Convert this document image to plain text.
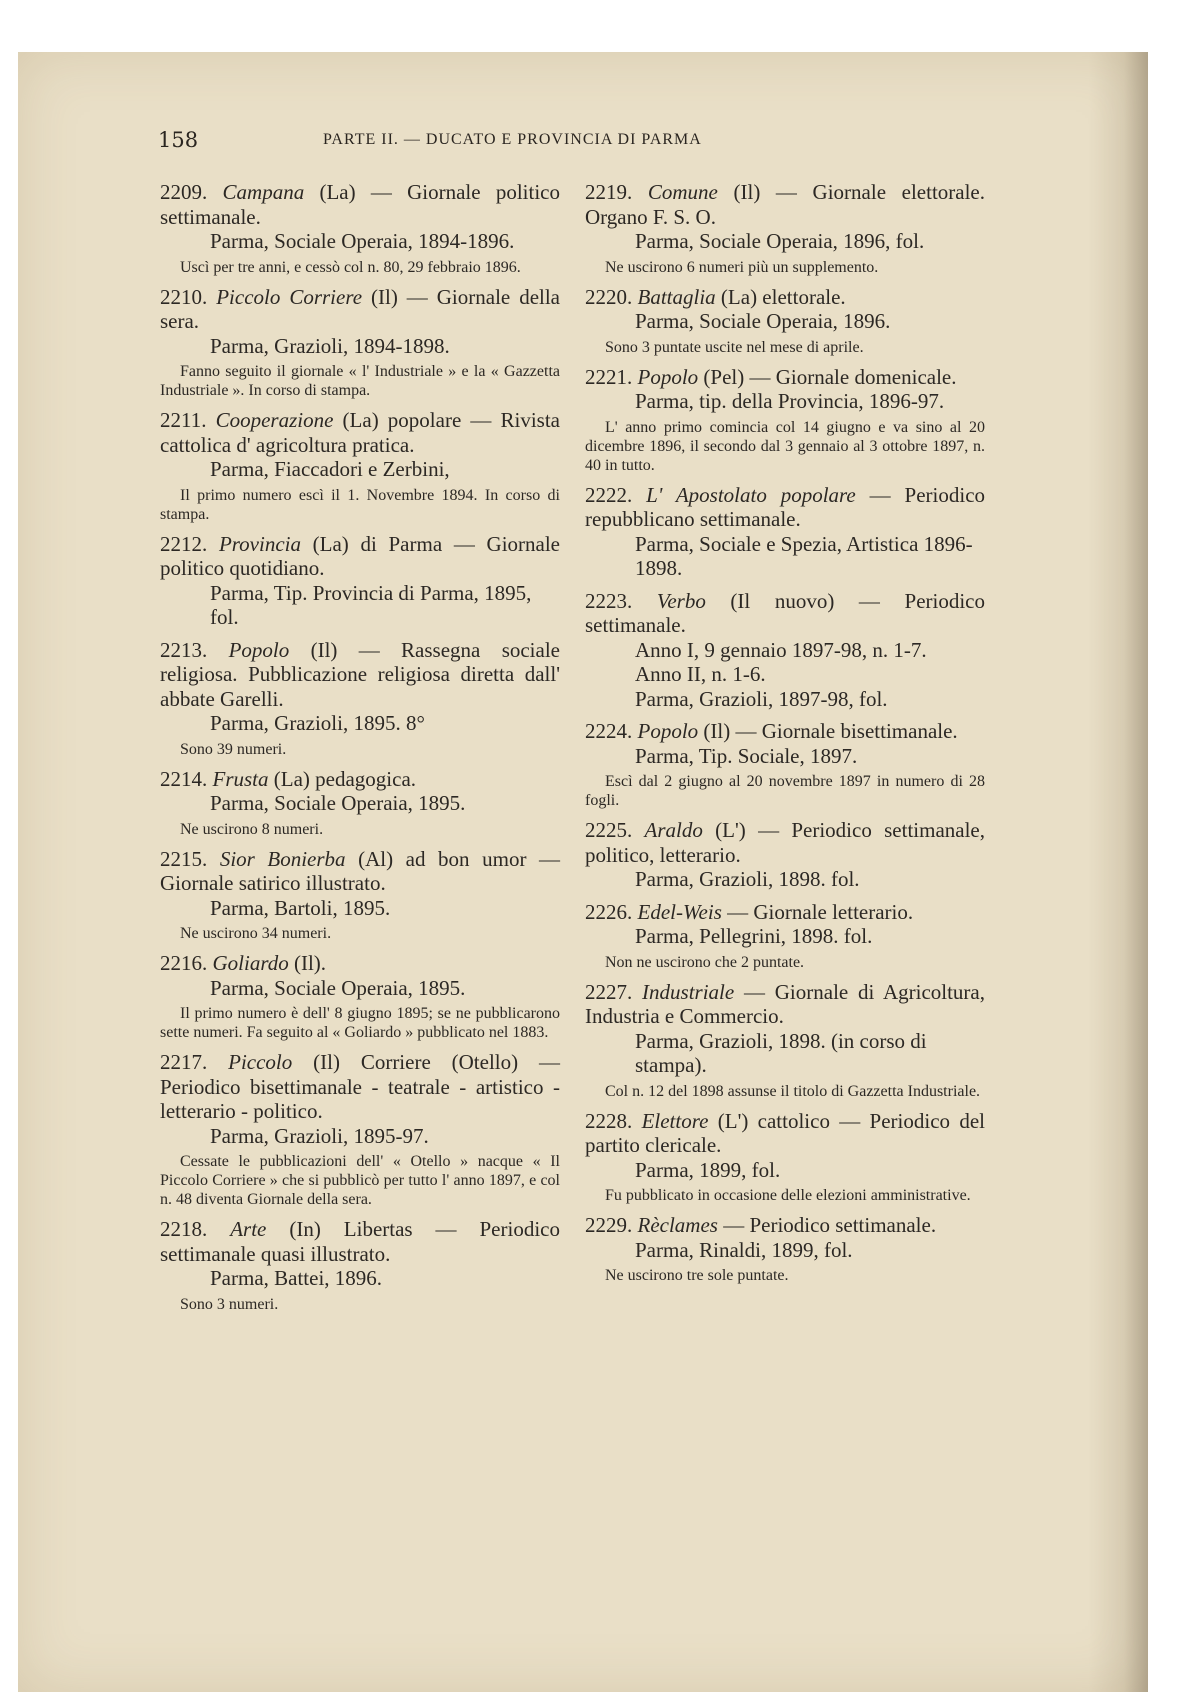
158	PARTE II. — DUCATO E PROVINCIA DI PARMA

2209. Campana (La) — Giornale politico settimanale.

Parma, Sociale Operaia, 1894-1896.

Uscì per tre anni, e cessò col n. 80, 29 febbraio 1896.

2210. Piccolo Corriere (Il) — Giornale della sera.

Parma, Grazioli, 1894-1898.

Fanno seguito il giornale « l' Industriale » e la « Gazzetta Industriale ». In corso di stampa.

2211. Cooperazione (La) popolare — Rivista cattolica d' agricoltura pratica.

Parma, Fiaccadori e Zerbini,

Il primo numero escì il 1. Novembre 1894. In corso di stampa.

2212. Provincia (La) di Parma — Giornale politico quotidiano.

Parma, Tip. Provincia di Parma, 1895, fol.

2213. Popolo (Il) — Rassegna sociale religiosa. Pubblicazione religiosa diretta dall' abbate Garelli.

Parma, Grazioli, 1895. 8°

Sono 39 numeri.

2214. Frusta (La) pedagogica.

Parma, Sociale Operaia, 1895.

Ne uscirono 8 numeri.

2215. Sior Bonierba (Al) ad bon umor — Giornale satirico illustrato.

Parma, Bartoli, 1895.

Ne uscirono 34 numeri.

2216. Goliardo (Il).

Parma, Sociale Operaia, 1895.

Il primo numero è dell' 8 giugno 1895; se ne pubblicarono sette numeri. Fa seguito al « Goliardo » pubblicato nel 1883.

2217. Piccolo (Il) Corriere (Otello) — Periodico bisettimanale - teatrale - artistico - letterario - politico.

Parma, Grazioli, 1895-97.

Cessate le pubblicazioni dell' « Otello » nacque « Il Piccolo Corriere » che si pubblicò per tutto l' anno 1897, e col n. 48 diventa Giornale della sera.

2218. Arte (In) Libertas — Periodico settimanale quasi illustrato.

Parma, Battei, 1896.

Sono 3 numeri.

2219. Comune (Il) — Giornale elettorale. Organo F. S. O.

Parma, Sociale Operaia, 1896, fol.

Ne uscirono 6 numeri più un supplemento.

2220. Battaglia (La) elettorale.

Parma, Sociale Operaia, 1896.

Sono 3 puntate uscite nel mese di aprile.

2221. Popolo (Pel) — Giornale domenicale.

Parma, tip. della Provincia, 1896-97.

L' anno primo comincia col 14 giugno e va sino al 20 dicembre 1896, il secondo dal 3 gennaio al 3 ottobre 1897, n. 40 in tutto.

2222. L' Apostolato popolare — Periodico repubblicano settimanale.

Parma, Sociale e Spezia, Artistica 1896-1898.

2223. Verbo (Il nuovo) — Periodico settimanale.

Anno I, 9 gennaio 1897-98, n. 1-7.

Anno II, n. 1-6.

Parma, Grazioli, 1897-98, fol.

2224. Popolo (Il) — Giornale bisettimanale.

Parma, Tip. Sociale, 1897.

Escì dal 2 giugno al 20 novembre 1897 in numero di 28 fogli.

2225. Araldo (L') — Periodico settimanale, politico, letterario.

Parma, Grazioli, 1898. fol.

2226. Edel-Weis — Giornale letterario.

Parma, Pellegrini, 1898. fol.

Non ne uscirono che 2 puntate.

2227. Industriale — Giornale di Agricoltura, Industria e Commercio.

Parma, Grazioli, 1898. (in corso di stampa).

Col n. 12 del 1898 assunse il titolo di Gazzetta Industriale.

2228. Elettore (L') cattolico — Periodico del partito clericale.

Parma, 1899, fol.

Fu pubblicato in occasione delle elezioni amministrative.

2229. Rèclames — Periodico settimanale.

Parma, Rinaldi, 1899, fol.

Ne uscirono tre sole puntate.
